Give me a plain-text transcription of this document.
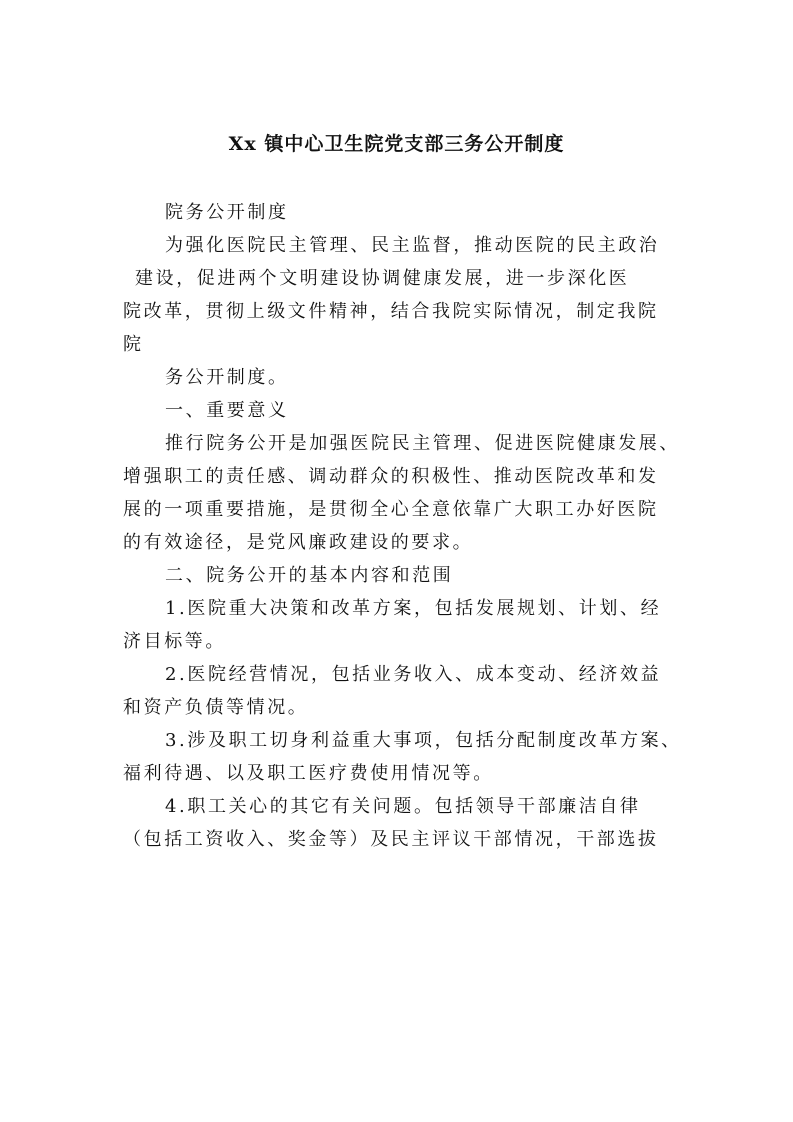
Xx 镇中心卫生院党支部三务公开制度

院务公开制度

为强化医院民主管理、民主监督，推动医院的民主政治

建设，促进两个文明建设协调健康发展，进一步深化医

院改革，贯彻上级文件精神，结合我院实际情况，制定我院

院

务公开制度。

一、重要意义

推行院务公开是加强医院民主管理、促进医院健康发展、

增强职工的责任感、调动群众的积极性、推动医院改革和发

展的一项重要措施，是贯彻全心全意依靠广大职工办好医院

的有效途径，是党风廉政建设的要求。

二、院务公开的基本内容和范围

1.医院重大决策和改革方案，包括发展规划、计划、经

济目标等。

2.医院经营情况，包括业务收入、成本变动、经济效益

和资产负债等情况。

3.涉及职工切身利益重大事项，包括分配制度改革方案、

福利待遇、以及职工医疗费使用情况等。

4.职工关心的其它有关问题。包括领导干部廉洁自律

（包括工资收入、奖金等）及民主评议干部情况，干部选拔
